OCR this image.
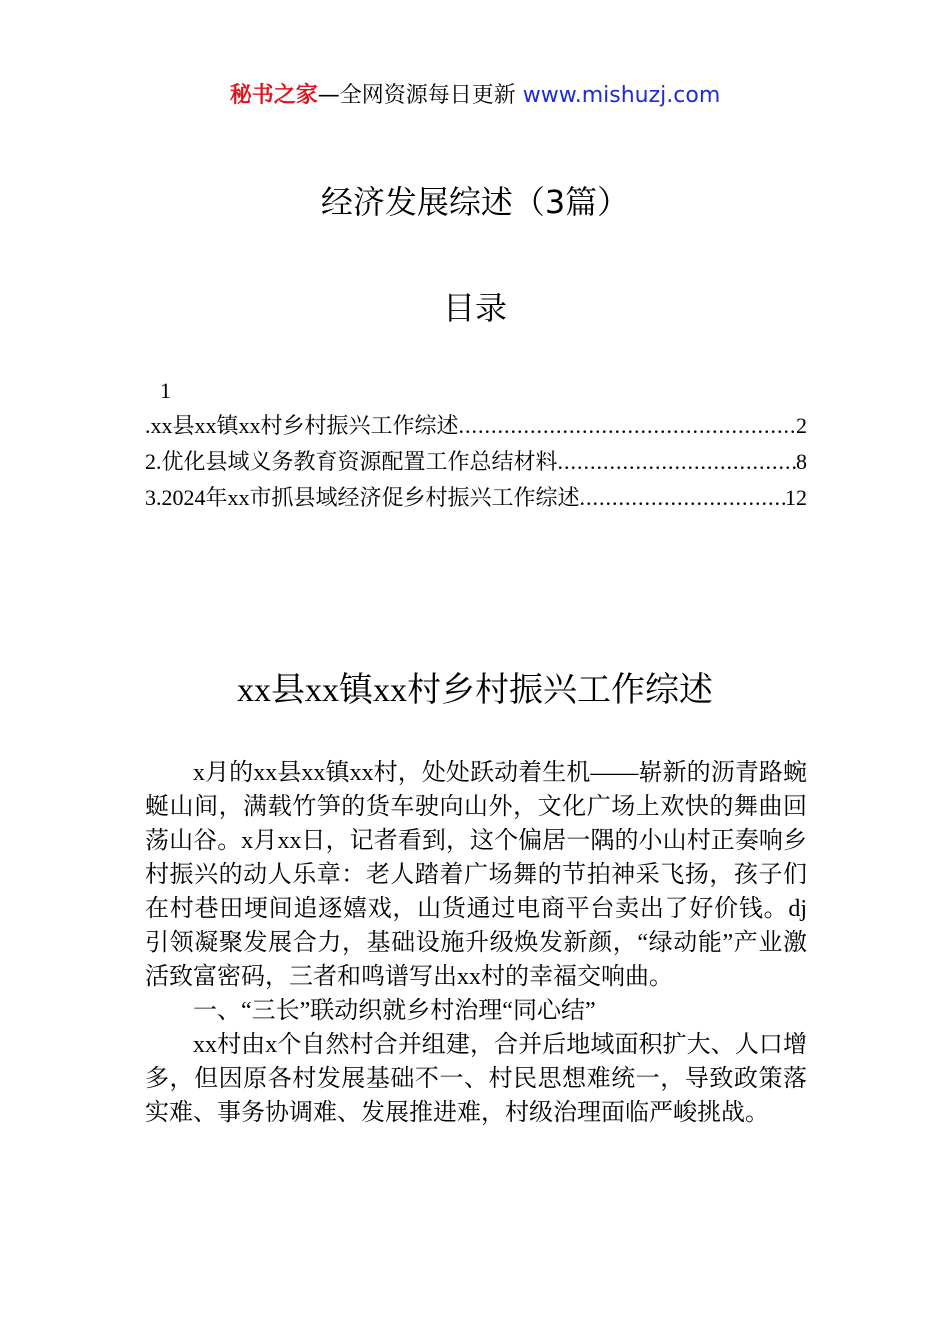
秘书之家—全网资源每日更新 www.mishuzj.com
经济发展综述（3篇）
目录
1
.xx县xx镇xx村乡村振兴工作综述 .....	2
2.优化县域义务教育资源配置工作总结材料 .....	8
3.2024年xx市抓县域经济促乡村振兴工作综述 .....	12
xx县xx镇xx村乡村振兴工作综述

x月的xx县xx镇xx村，处处跃动着生机——崭新的沥青路蜿蜒山间，满载竹笋的货车驶向山外，文化广场上欢快的舞曲回荡山谷。x月xx日，记者看到，这个偏居一隅的小山村正奏响乡村振兴的动人乐章：老人踏着广场舞的节拍神采飞扬，孩子们在村巷田埂间追逐嬉戏，山货通过电商平台卖出了好价钱。dj引领凝聚发展合力，基础设施升级焕发新颜，“绿动能”产业激活致富密码，三者和鸣谱写出xx村的幸福交响曲。

一、“三长”联动织就乡村治理“同心结”

xx村由x个自然村合并组建，合并后地域面积扩大、人口增多，但因原各村发展基础不一、村民思想难统一，导致政策落实难、事务协调难、发展推进难，村级治理面临严峻挑战。
